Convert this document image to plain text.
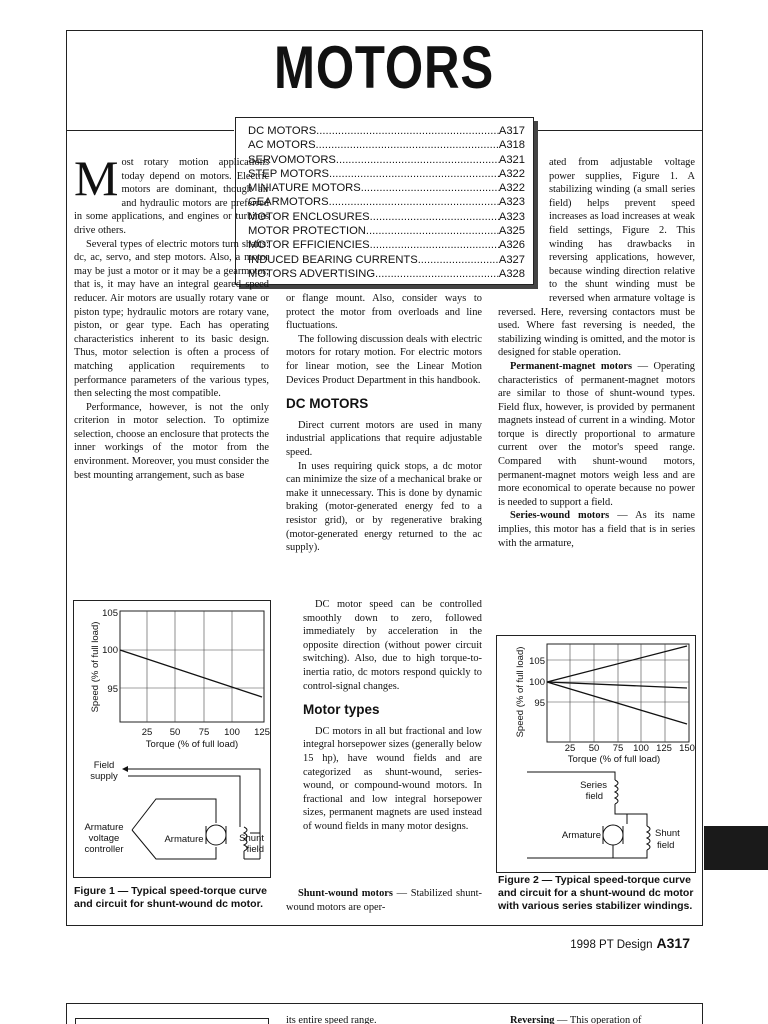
MOTORS
DC MOTORS .....	A317
AC MOTORS .....	A318
SERVOMOTORS .....	A321
STEP MOTORS .....	A322
MINIATURE MOTORS .....	A322
GEARMOTORS .....	A323
MOTOR ENCLOSURES .....	A323
MOTOR PROTECTION .....	A325
MOTOR EFFICIENCIES .....	A326
INDUCED BEARING CURRENTS .....	A327
MOTORS ADVERTISING .....	A328

Most rotary motion applications today depend on motors. Electric motors are dominant, though air and hydraulic motors are preferred in some applications, and engines or turbines drive others.

Several types of electric motors turn shafts: dc, ac, servo, and step motors. Also, a motor may be just a motor or it may be a gearmotor; that is, it may have an integral geared speed reducer. Air motors are usually rotary vane or piston type; hydraulic motors are rotary vane, piston, or gear type. Each has operating characteristics inherent to its basic design. Thus, motor selection is often a process of matching application requirements to performance parameters of the various types, then selecting the most compatible.

Performance, however, is not the only criterion in motor selection. To optimize selection, choose an enclosure that protects the inner workings of the motor from the environment. Moreover, you must consider the best mounting arrangement, such as base

or flange mount. Also, consider ways to protect the motor from overloads and line fluctuations.

The following discussion deals with electric motors for rotary motion. For electric motors for linear motion, see the Linear Motion Devices Product Department in this handbook.

DC MOTORS

Direct current motors are used in many industrial applications that require adjustable speed.

In uses requiring quick stops, a dc motor can minimize the size of a mechanical brake or make it unnecessary. This is done by dynamic braking (motor-generated energy fed to a resistor grid), or by regenerative braking (motor-generated energy returned to the ac supply).

DC motor speed can be controlled smoothly down to zero, followed immediately by acceleration in the opposite direction (without power circuit switching). Also, due to high torque-to-inertia ratio, dc motors respond quickly to control-signal changes.

Motor types

DC motors in all but fractional and low integral horsepower sizes (generally below 15 hp), have wound fields and are categorized as shunt-wound, series-wound, or compound-wound motors. In fractional and low integral horsepower sizes, permanent magnets are used instead of wound fields in many motor designs.

Shunt-wound motors — Stabilized shunt-wound motors are oper-

ated from adjustable voltage power supplies, Figure 1. A stabilizing winding (a small series field) helps prevent speed increases as load increases at weak field settings, Figure 2. This winding has drawbacks in reversing applications, however, because winding direction relative to the shunt winding must be reversed when armature voltage is reversed. Here, reversing contactors must be used. Where fast reversing is needed, the stabilizing winding is omitted, and the motor is designed for stable operation.

Permanent-magnet motors — Operating characteristics of permanent-magnet motors are similar to those of shunt-wound types. Field flux, however, is provided by permanent magnets instead of current in a winding. Motor torque is directly proportional to armature current over the motor's speed range. Compared with shunt-wound motors, permanent-magnet motors weigh less and are more economical to operate because no power is needed to support a field.

Series-wound motors — As its name implies, this motor has a field that is in series with the armature,

105
100
95
25 50 75 100 125
Torque (% of full load)
Speed (% of full load)
Field
supply
Armature
voltage
controller
Armature	Shunt
field
Figure 1 — Typical speed-torque curve and circuit for shunt-wound dc motor.
105
100
95
25 50 75 100 125 150
Torque (% of full load)
Speed (% of full load)
Series
field
Armature	Shunt
field
Figure 2 — Typical speed-torque curve and circuit for a shunt-wound dc motor with various series stabilizer windings.
1998 PT Design A317
its entire speed range.	Reversing — This operation of
